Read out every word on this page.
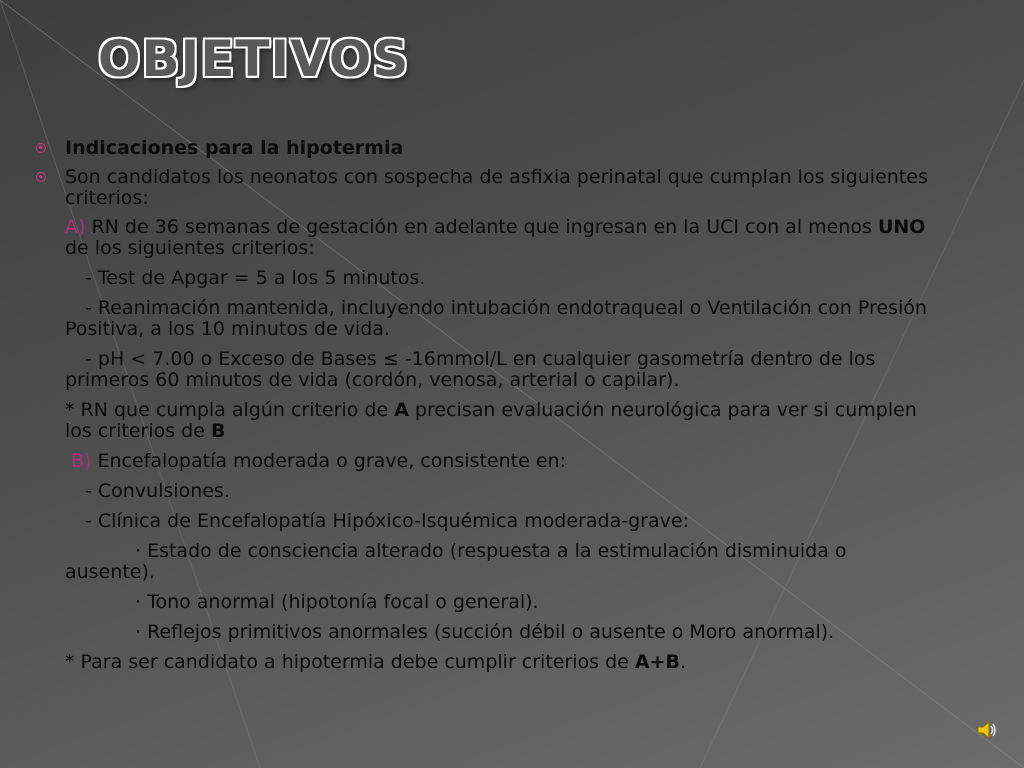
OBJETIVOS
Indicaciones para la hipotermia
Son candidatos los neonatos con sospecha de asfixia perinatal que cumplan los siguientes criterios:
A) RN de 36 semanas de gestación en adelante que ingresan en la UCI con al menos UNO de los siguientes criterios:
- Test de Apgar = 5 a los 5 minutos.
- Reanimación mantenida, incluyendo intubación endotraqueal o Ventilación con Presión Positiva, a los 10 minutos de vida.
- pH < 7.00 o Exceso de Bases ≤ -16mmol/L en cualquier gasometría dentro de los primeros 60 minutos de vida (cordón, venosa, arterial o capilar).
* RN que cumpla algún criterio de A precisan evaluación neurológica para ver si cumplen los criterios de B
B) Encefalopatía moderada o grave, consistente en:
- Convulsiones.
- Clínica de Encefalopatía Hipóxico-Isquémica moderada-grave:
· Estado de consciencia alterado (respuesta a la estimulación disminuida o ausente).
· Tono anormal (hipotonía focal o general).
· Reflejos primitivos anormales (succión débil o ausente o Moro anormal).
* Para ser candidato a hipotermia debe cumplir criterios de A+B.
